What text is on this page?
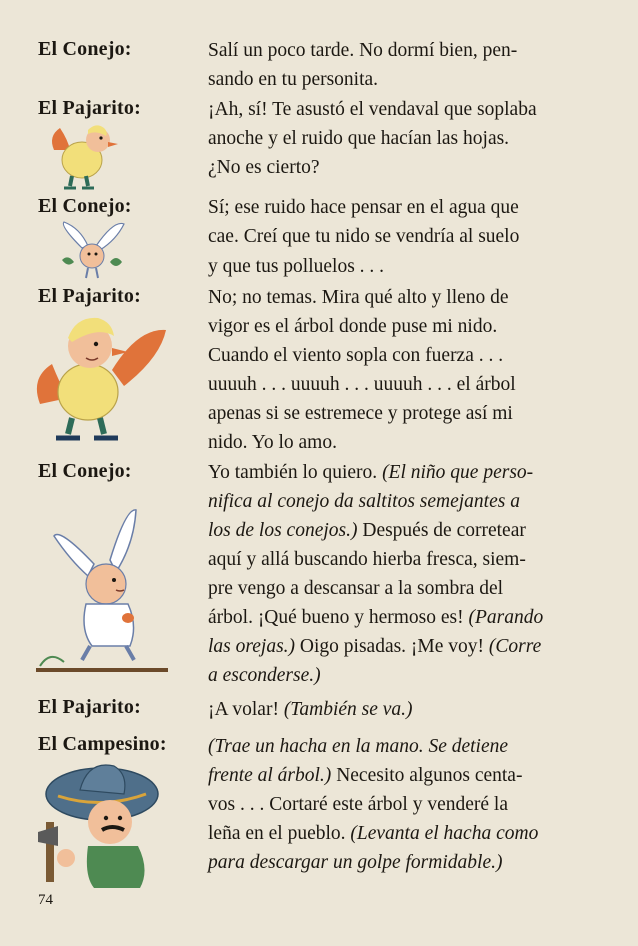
El Conejo:
El Pajarito:
El Conejo:
El Pajarito:
El Conejo:
El Pajarito:
El Campesino:
Salí un poco tarde. No dormí bien, pen-
sando en tu personita.
¡Ah, sí! Te asustó el vendaval que soplaba
anoche y el ruido que hacían las hojas.
¿No es cierto?
Sí; ese ruido hace pensar en el agua que
cae. Creí que tu nido se vendría al suelo
y que tus polluelos . . .
No; no temas. Mira qué alto y lleno de
vigor es el árbol donde puse mi nido.
Cuando el viento sopla con fuerza . . .
uuuuh . . . uuuuh . . . uuuuh . . . el árbol
apenas si se estremece y protege así mi
nido. Yo lo amo.
Yo también lo quiero. (El niño que perso-
nifica al conejo da saltitos semejantes a
los de los conejos.) Después de corretear
aquí y allá buscando hierba fresca, siem-
pre vengo a descansar a la sombra del
árbol. ¡Qué bueno y hermoso es! (Parando
las orejas.) Oigo pisadas. ¡Me voy! (Corre
a esconderse.)
¡A volar! (También se va.)
(Trae un hacha en la mano. Se detiene
frente al árbol.) Necesito algunos centa-
vos . . . Cortaré este árbol y venderé la
leña en el pueblo. (Levanta el hacha como
para descargar un golpe formidable.)
74
